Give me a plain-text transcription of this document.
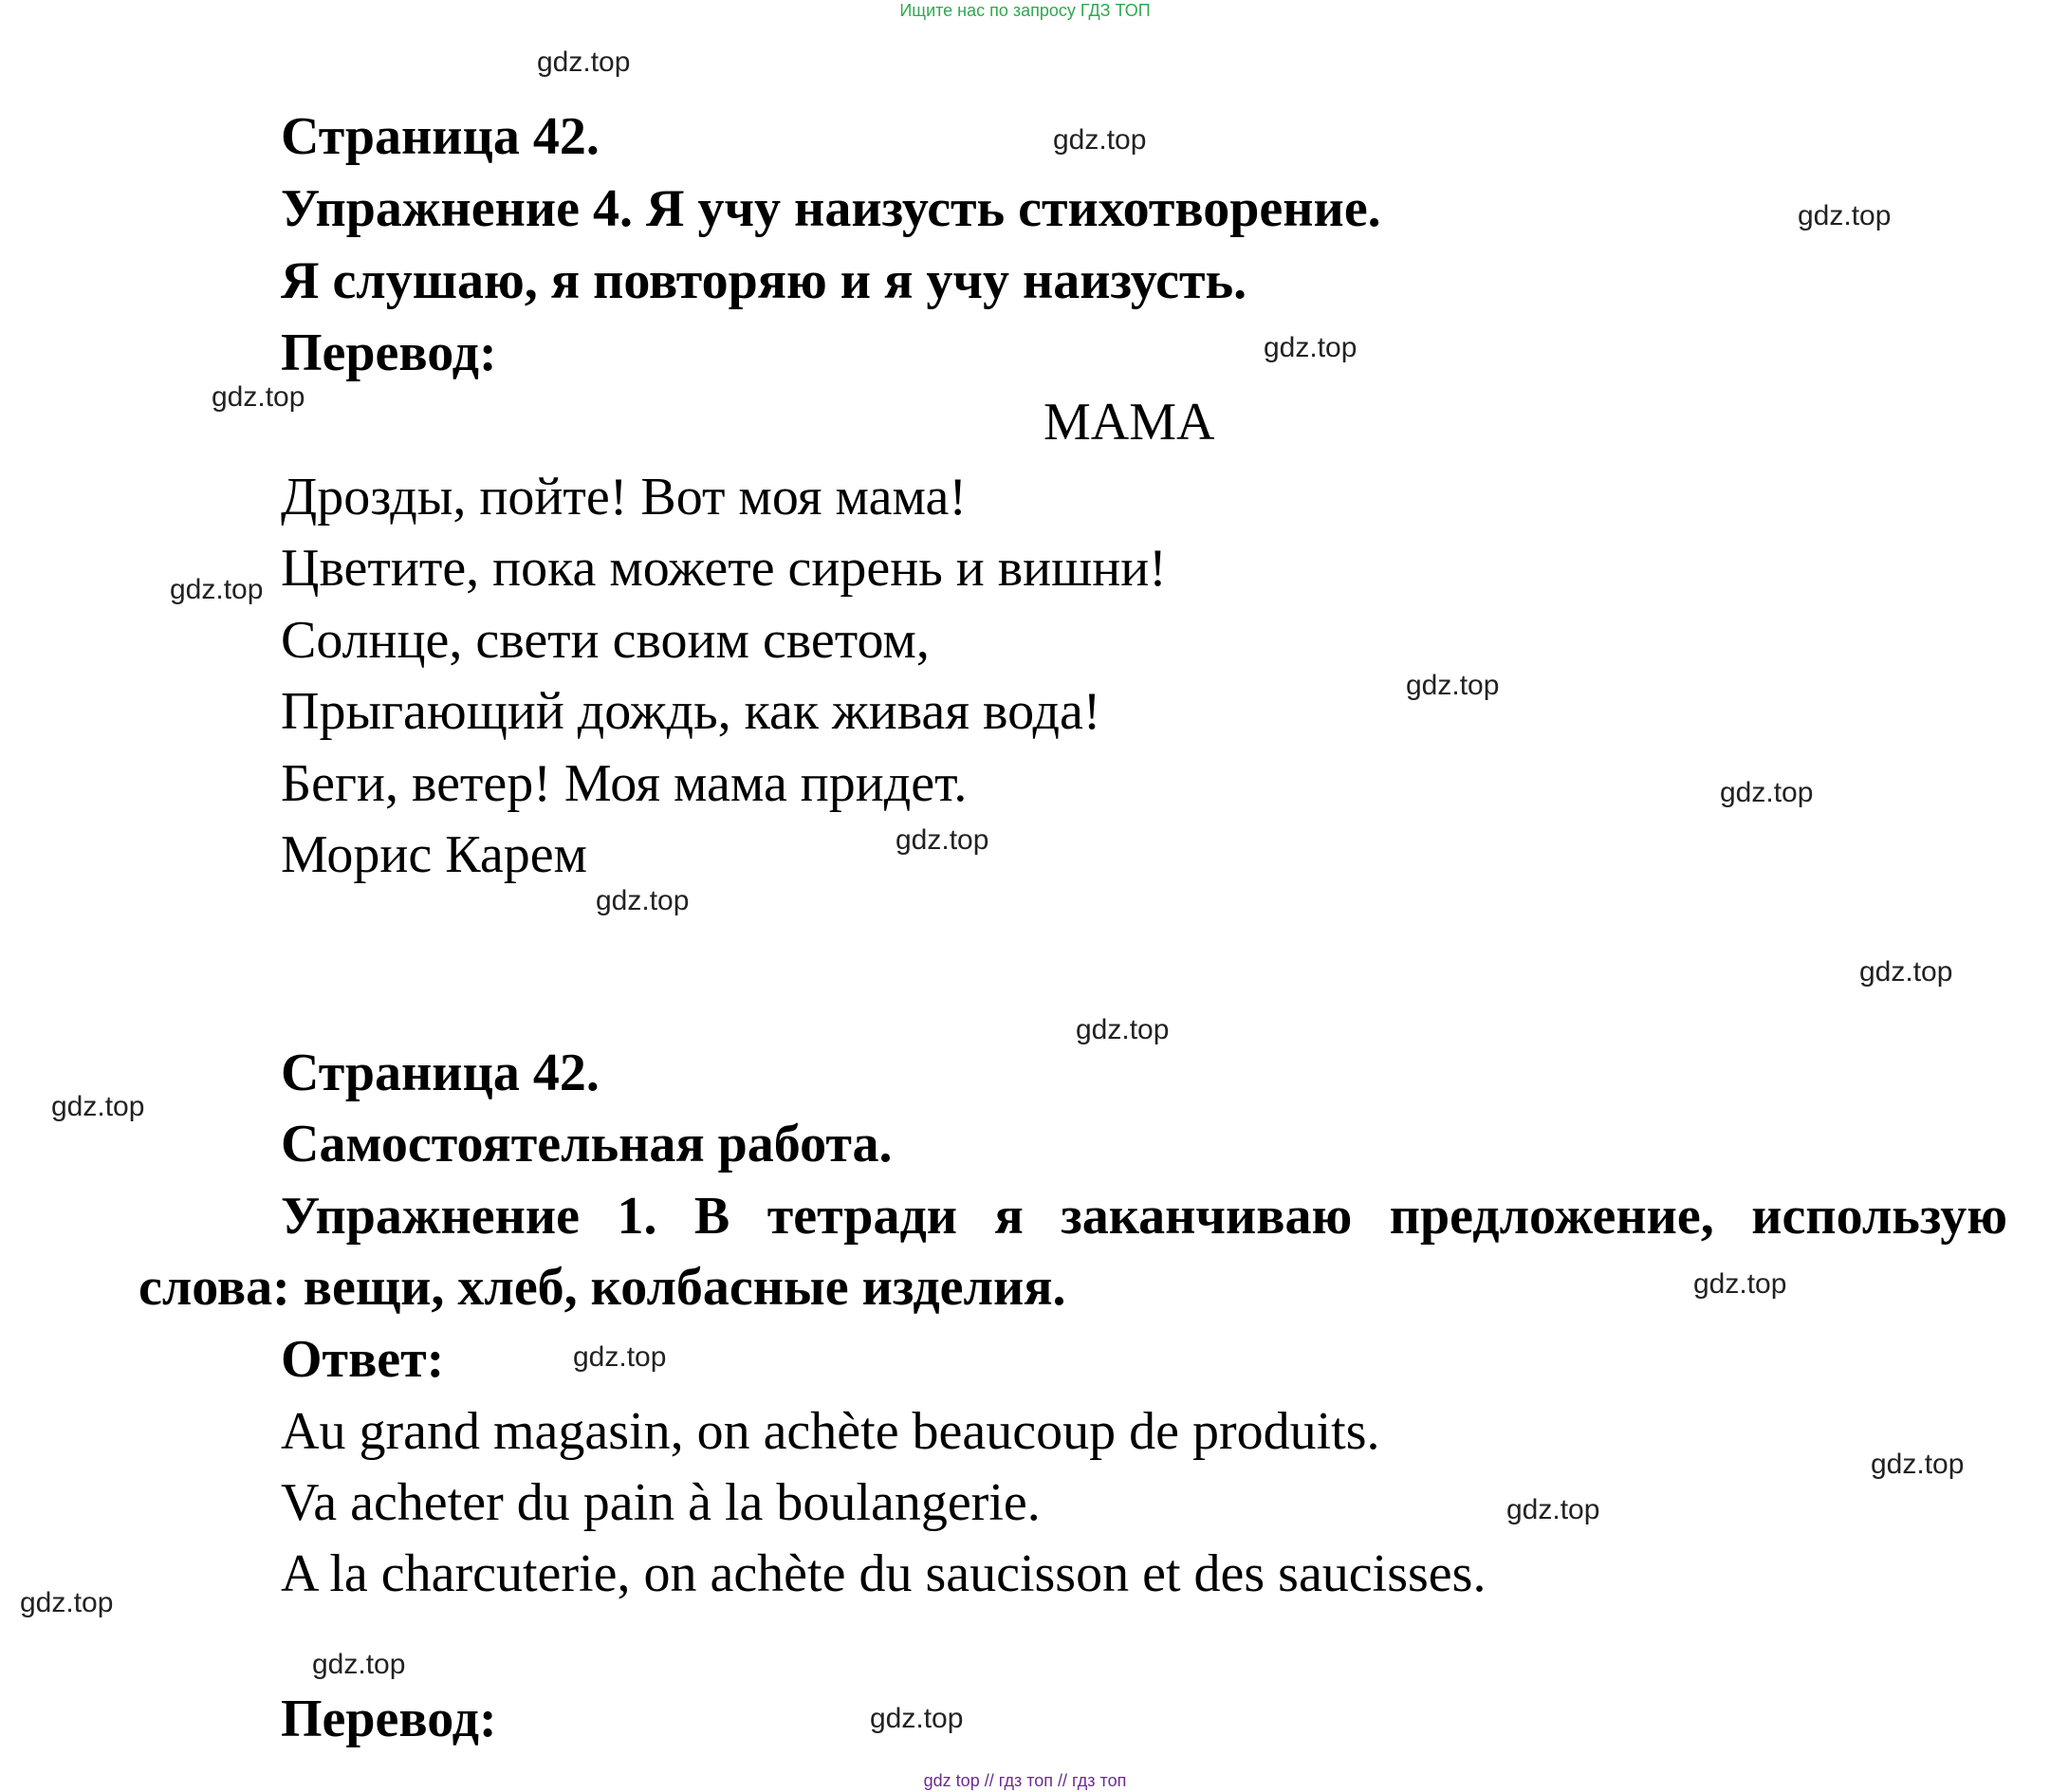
Ищите нас по запросу ГДЗ ТОП
Страница 42.
Упражнение 4. Я учу наизусть стихотворение.
Я слушаю, я повторяю и я учу наизусть.
Перевод:
МАМА
Дрозды, пойте! Вот моя мама!
Цветите, пока можете сирень и вишни!
Солнце, свети своим светом,
Прыгающий дождь, как живая вода!
Беги, ветер! Моя мама придет.
Морис Карем
Страница 42.
Самостоятельная работа.
Упражнение 1. В тетради я заканчиваю предложение, использую
слова: вещи, хлеб, колбасные изделия.
Ответ:
Au grand magasin, on achète beaucoup de produits.
Va acheter du pain à la boulangerie.
A la charcuterie, on achète du saucisson et des saucisses.
Перевод:
gdz.top
gdz.top
gdz.top
gdz.top
gdz.top
gdz.top
gdz.top
gdz.top
gdz.top
gdz.top
gdz.top
gdz.top
gdz.top
gdz.top
gdz.top
gdz.top
gdz.top
gdz.top
gdz.top
gdz.top
gdz top // гдз топ // гдз топ
